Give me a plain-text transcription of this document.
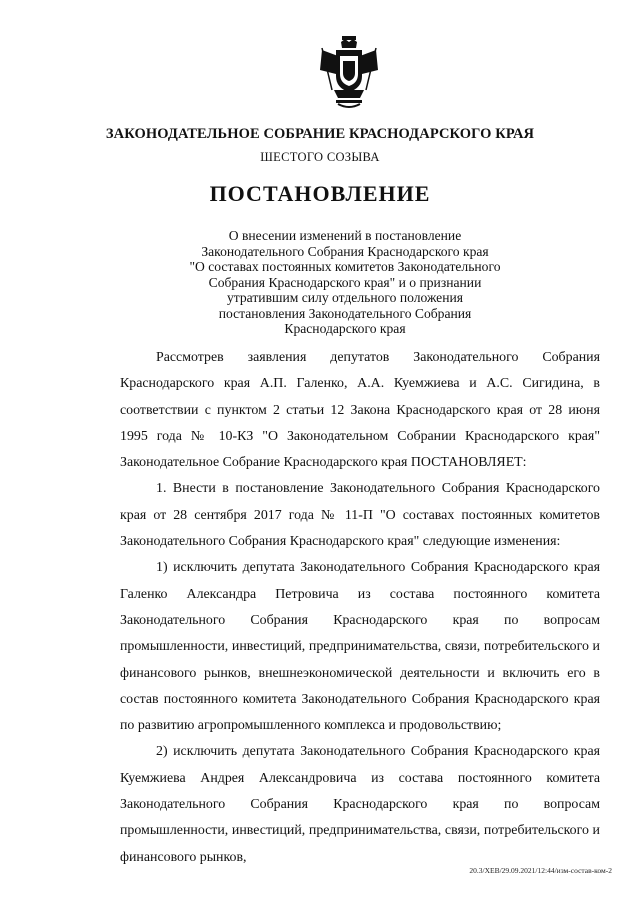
ЗАКОНОДАТЕЛЬНОЕ СОБРАНИЕ КРАСНОДАРСКОГО КРАЯ
ШЕСТОГО СОЗЫВА
ПОСТАНОВЛЕНИЕ
О внесении изменений в постановление
Законодательного Собрания Краснодарского края
"О составах постоянных комитетов Законодательного
Собрания Краснодарского края" и о признании
утратившим силу отдельного положения
постановления Законодательного Собрания
Краснодарского края

Рассмотрев заявления депутатов Законодательного Собрания Краснодарского края А.П. Галенко, А.А. Куемжиева и А.С. Сигидина, в соответствии с пунктом 2 статьи 12 Закона Краснодарского края от 28 июня 1995 года № 10-КЗ "О Законодательном Собрании Краснодарского края" Законодательное Собрание Краснодарского края ПОСТАНОВЛЯЕТ:

1. Внести в постановление Законодательного Собрания Краснодарского края от 28 сентября 2017 года № 11-П "О составах постоянных комитетов Законодательного Собрания Краснодарского края" следующие изменения:

1) исключить депутата Законодательного Собрания Краснодарского края Галенко Александра Петровича из состава постоянного комитета Законодательного Собрания Краснодарского края по вопросам промышленности, инвестиций, предпринимательства, связи, потребительского и финансового рынков, внешнеэкономической деятельности и включить его в состав постоянного комитета Законодательного Собрания Краснодарского края по развитию агропромышленного комплекса и продовольствию;

2) исключить депутата Законодательного Собрания Краснодарского края Куемжиева Андрея Александровича из состава постоянного комитета Законодательного Собрания Краснодарского края по вопросам промышленности, инвестиций, предпринимательства, связи, потребительского и финансового рынков,

20.3/ХЕВ/29.09.2021/12:44/изм-состав-ком-2
